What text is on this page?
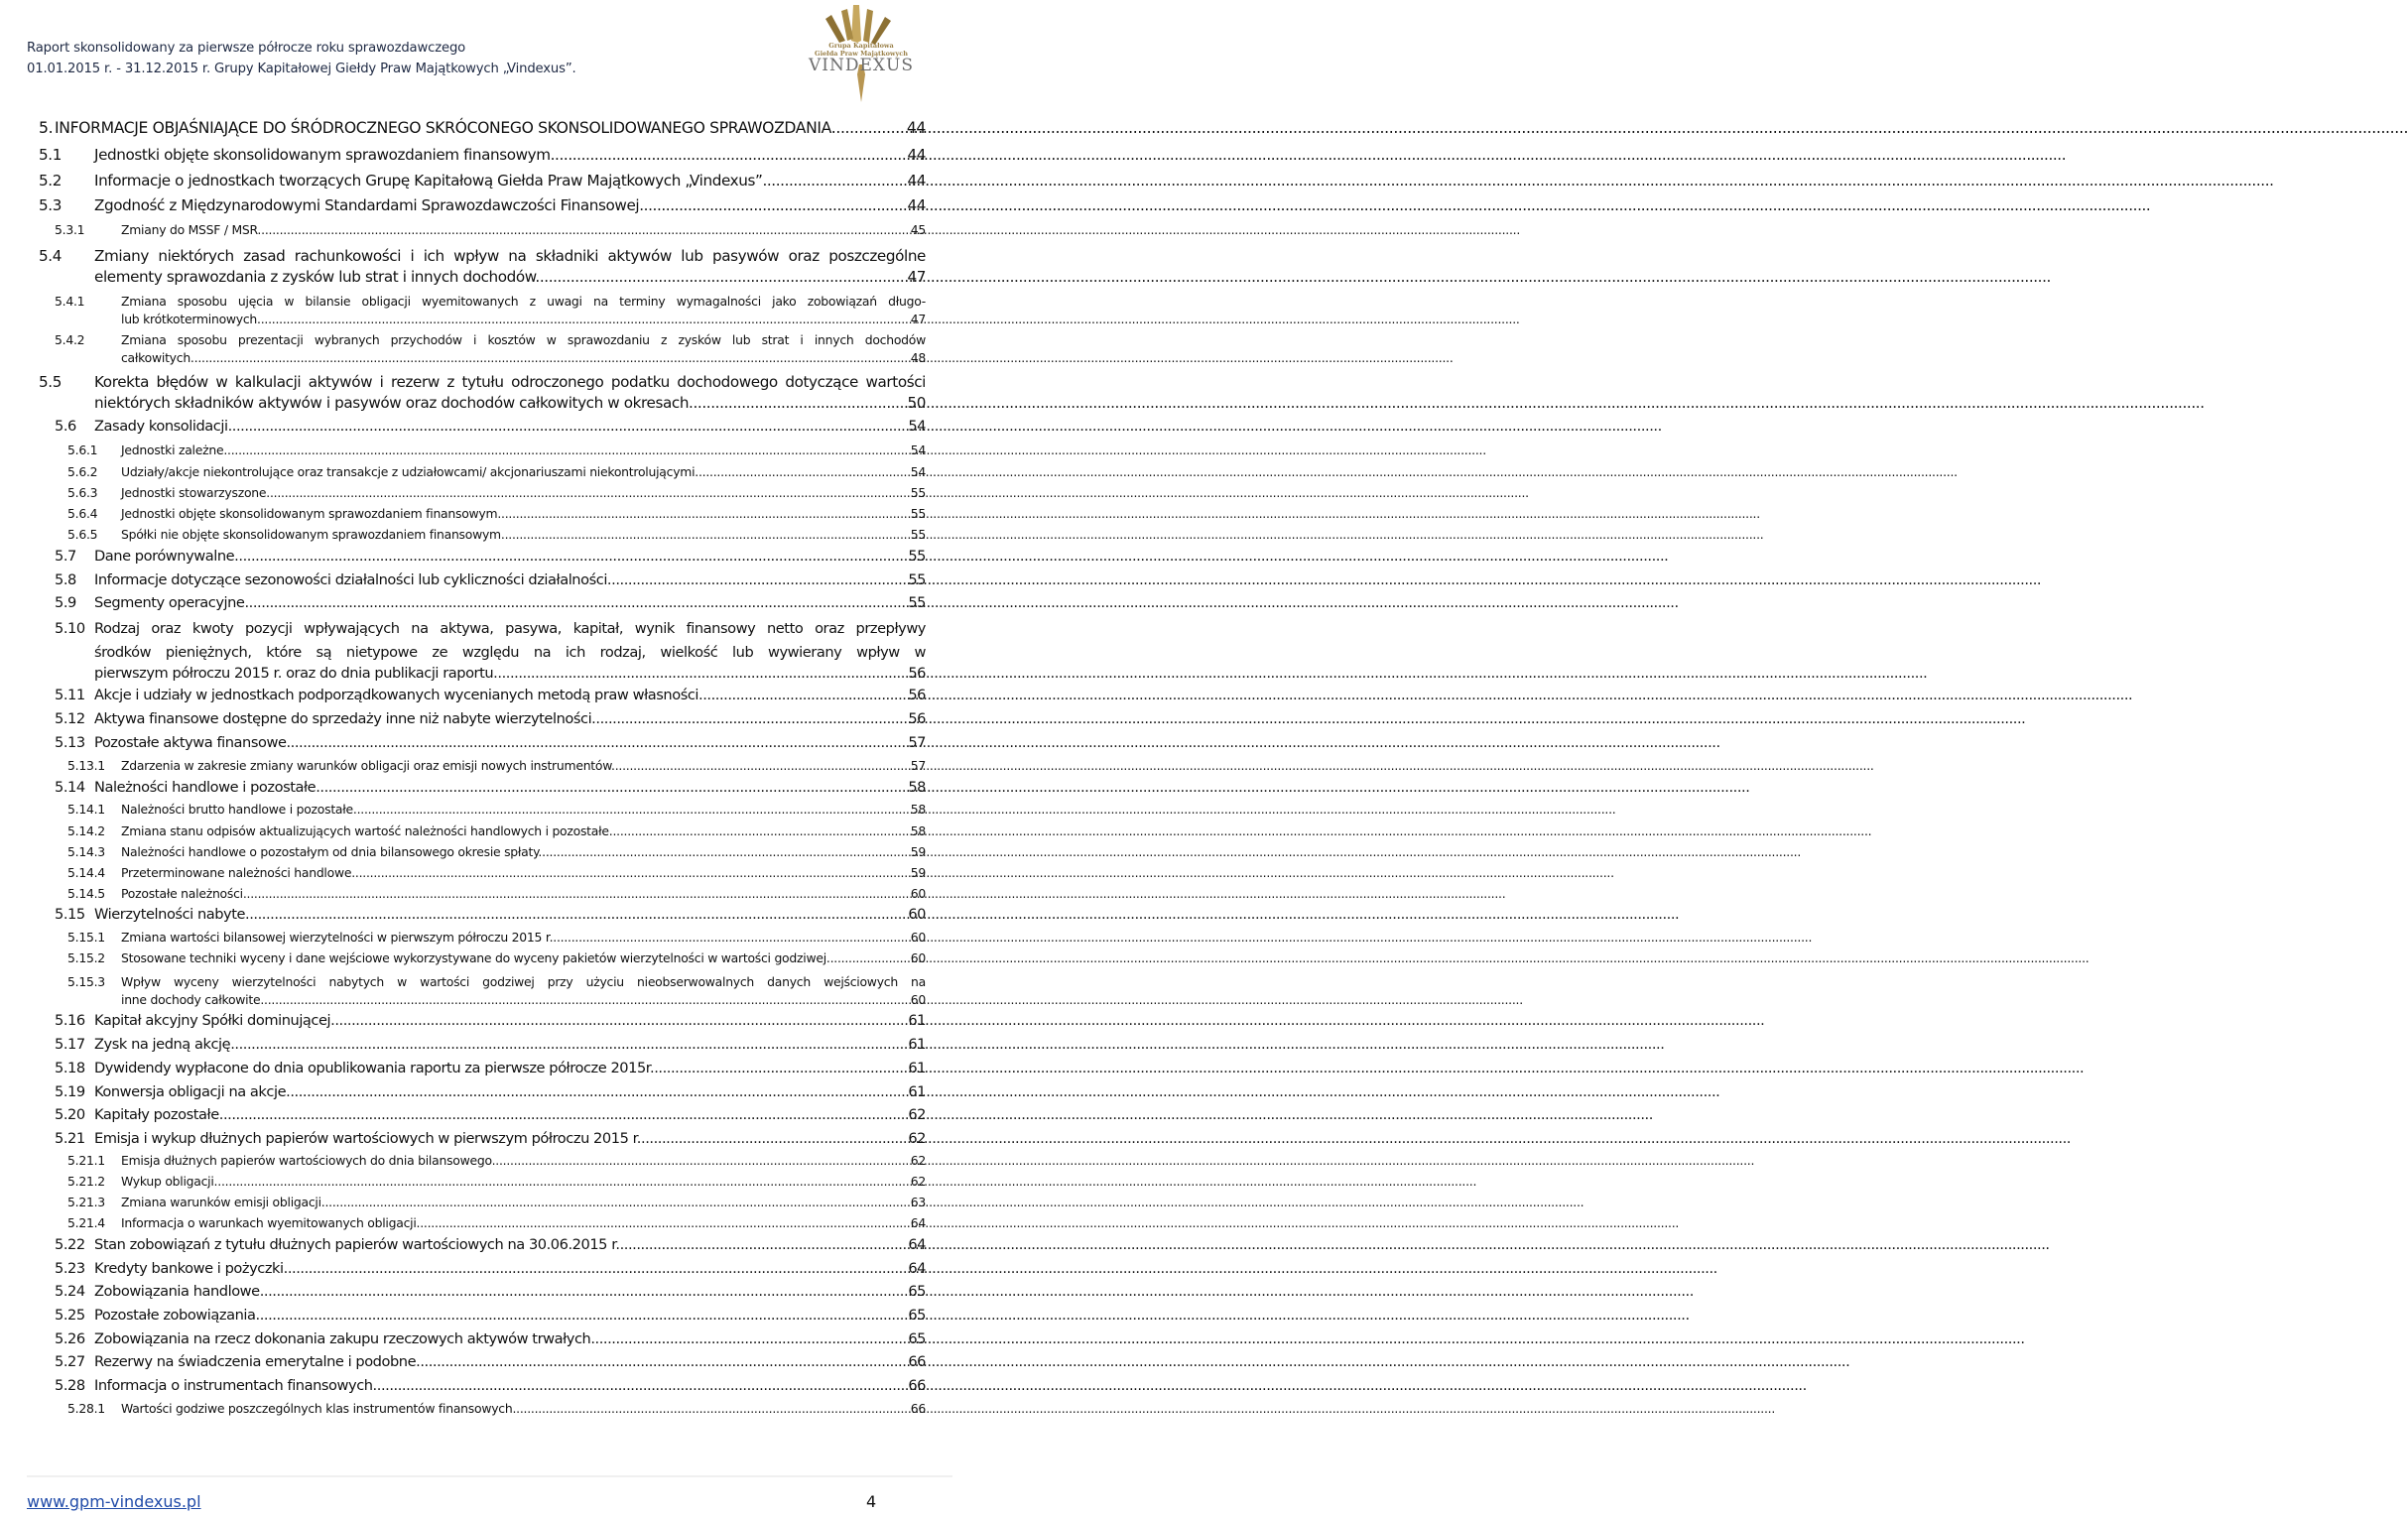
Raport skonsolidowany za pierwsze półrocze roku sprawozdawczego
01.01.2015 r. - 31.12.2015 r. Grupy Kapitałowej Giełdy Praw Majątkowych „Vindexus”.
Grupa Kapitałowa
Giełda Praw Majątkowych
VINDEXUS
5. INFORMACJE OBJAŚNIAJĄCE DO ŚRÓDROCZNEGO SKRÓCONEGO SKONSOLIDOWANEGO SPRAWOZDANIA. .....	44
5.1	Jednostki objęte skonsolidowanym sprawozdaniem finansowym. .....	44
5.2	Informacje o jednostkach tworzących Grupę Kapitałową Giełda Praw Majątkowych „Vindexus” .....	44
5.3	Zgodność z Międzynarodowymi Standardami Sprawozdawczości Finansowej .....	44
5.3.1	Zmiany do MSSF / MSR. .....	45
5.4	Zmiany niektórych zasad rachunkowości i ich wpływ na składniki aktywów lub pasywów oraz poszczególne
elementy sprawozdania z zysków lub strat i innych dochodów. .....	47
5.4.1	Zmiana sposobu ujęcia w bilansie obligacji wyemitowanych z uwagi na terminy wymagalności jako zobowiązań długo-
lub krótkoterminowych. .....	47
5.4.2	Zmiana sposobu prezentacji wybranych przychodów i kosztów w sprawozdaniu z zysków lub strat i innych dochodów
całkowitych. .....	48
5.5	Korekta błędów w kalkulacji aktywów i rezerw z tytułu odroczonego podatku dochodowego dotyczące wartości
niektórych składników aktywów i pasywów oraz dochodów całkowitych w okresach. .....	50
5.6	Zasady konsolidacji. .....	54
5.6.1	Jednostki zależne. .....	54
5.6.2	Udziały/akcje niekontrolujące oraz transakcje z udziałowcami/ akcjonariuszami niekontrolującymi. .....	54
5.6.3	Jednostki stowarzyszone. .....	55
5.6.4	Jednostki objęte skonsolidowanym sprawozdaniem finansowym. .....	55
5.6.5	Spółki nie objęte skonsolidowanym sprawozdaniem finansowym. .....	55
5.7	Dane porównywalne. .....	55
5.8	Informacje dotyczące sezonowości działalności lub cykliczności działalności. .....	55
5.9	Segmenty operacyjne. .....	55
5.10 Rodzaj oraz kwoty pozycji wpływających na aktywa, pasywa, kapitał, wynik finansowy netto oraz przepływy
środków pieniężnych, które są nietypowe ze względu na ich rodzaj, wielkość lub wywierany wpływ w
pierwszym półroczu 2015 r. oraz do dnia publikacji raportu. .....	56
5.11 Akcje i udziały w jednostkach podporządkowanych wycenianych metodą praw własności. .....	56
5.12 Aktywa finansowe dostępne do sprzedaży inne niż nabyte wierzytelności. .....	56
5.13 Pozostałe aktywa finansowe. .....	57
5.13.1	Zdarzenia w zakresie zmiany warunków obligacji oraz emisji nowych instrumentów. .....	57
5.14 Należności handlowe i pozostałe. .....	58
5.14.1	Należności brutto handlowe i pozostałe. .....	58
5.14.2	Zmiana stanu odpisów aktualizujących wartość należności handlowych i pozostałe. .....	58
5.14.3	Należności handlowe o pozostałym od dnia bilansowego okresie spłaty. .....	59
5.14.4	Przeterminowane należności handlowe. .....	59
5.14.5	Pozostałe należności. .....	60
5.15 Wierzytelności nabyte. .....	60
5.15.1	Zmiana wartości bilansowej wierzytelności w pierwszym półroczu 2015 r. .....	60
5.15.2	Stosowane techniki wyceny i dane wejściowe wykorzystywane do wyceny pakietów wierzytelności w wartości godziwej. .....	60
5.15.3	Wpływ wyceny wierzytelności nabytych w wartości godziwej przy użyciu nieobserwowalnych danych wejściowych na
inne dochody całkowite. .....	60
5.16 Kapitał akcyjny Spółki dominującej. .....	61
5.17 Zysk na jedną akcję. .....	61
5.18 Dywidendy wypłacone do dnia opublikowania raportu za pierwsze półrocze 2015r. .....	61
5.19 Konwersja obligacji na akcje. .....	61
5.20 Kapitały pozostałe. .....	62
5.21 Emisja i wykup dłużnych papierów wartościowych w pierwszym półroczu 2015 r. .....	62
5.21.1	Emisja dłużnych papierów wartościowych do dnia bilansowego. .....	62
5.21.2	Wykup obligacji. .....	62
5.21.3	Zmiana warunków emisji obligacji. .....	63
5.21.4	Informacja o warunkach wyemitowanych obligacji. .....	64
5.22 Stan zobowiązań z tytułu dłużnych papierów wartościowych na 30.06.2015 r. .....	64
5.23 Kredyty bankowe i pożyczki. .....	64
5.24 Zobowiązania handlowe. .....	65
5.25 Pozostałe zobowiązania. .....	65
5.26 Zobowiązania na rzecz dokonania zakupu rzeczowych aktywów trwałych. .....	65
5.27 Rezerwy na świadczenia emerytalne i podobne. .....	66
5.28 Informacja o instrumentach finansowych. .....	66
5.28.1	Wartości godziwe poszczególnych klas instrumentów finansowych. .....	66
www.gpm-vindexus.pl	4
